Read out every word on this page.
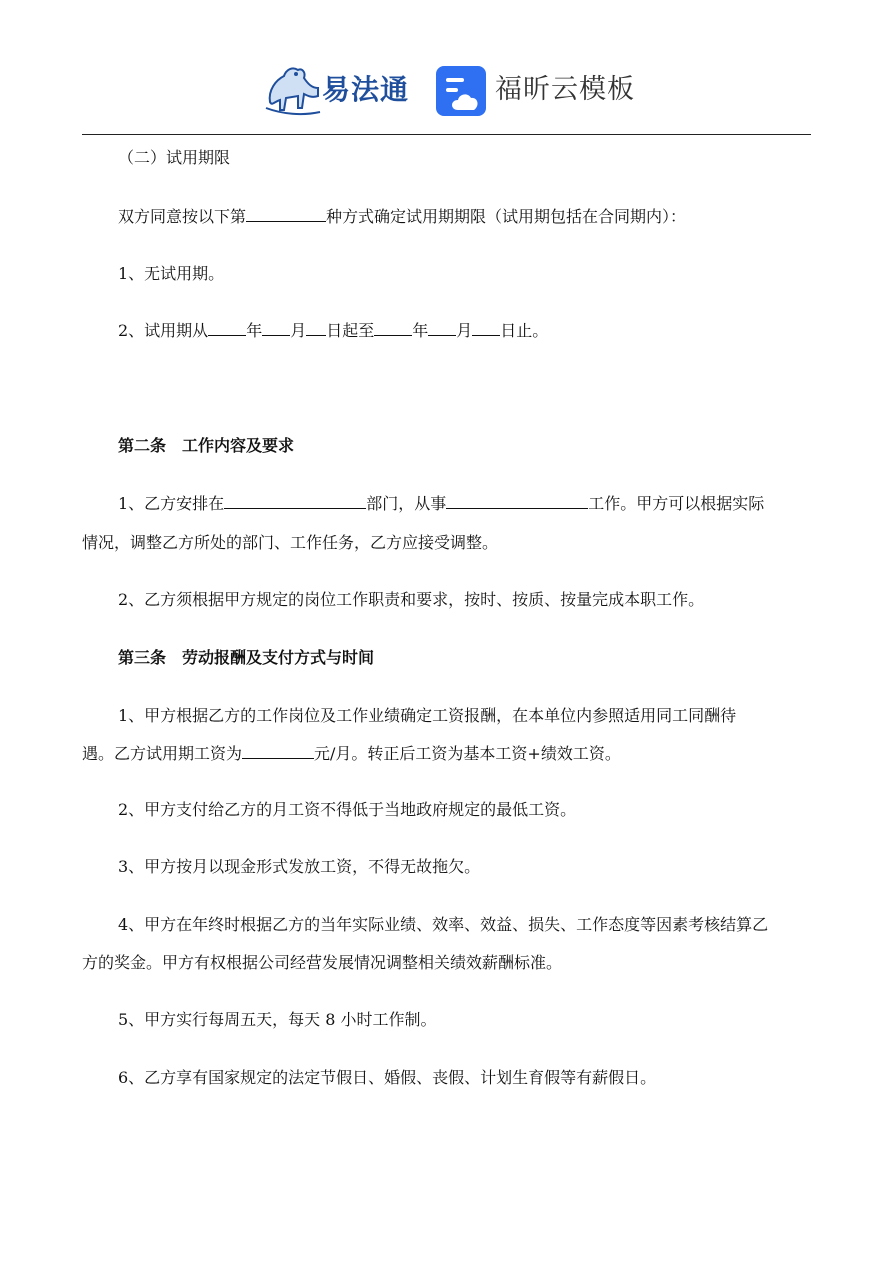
易法通	福昕云模板
（二）试用期限
双方同意按以下第	种方式确定试用期期限（试用期包括在合同期内）：
1、无试用期。
2、试用期从 年 月 日起至 年 月 日止。
第二条　工作内容及要求
1、乙方安排在	部门，从事	工作。甲方可以根据实际
情况，调整乙方所处的部门、工作任务，乙方应接受调整。
2、乙方须根据甲方规定的岗位工作职责和要求，按时、按质、按量完成本职工作。
第三条　劳动报酬及支付方式与时间
1、甲方根据乙方的工作岗位及工作业绩确定工资报酬，在本单位内参照适用同工同酬待
遇。乙方试用期工资为	元/月。转正后工资为基本工资+绩效工资。
2、甲方支付给乙方的月工资不得低于当地政府规定的最低工资。
3、甲方按月以现金形式发放工资，不得无故拖欠。
4、甲方在年终时根据乙方的当年实际业绩、效率、效益、损失、工作态度等因素考核结算乙
方的奖金。甲方有权根据公司经营发展情况调整相关绩效薪酬标准。
5、甲方实行每周五天，每天 8 小时工作制。
6、乙方享有国家规定的法定节假日、婚假、丧假、计划生育假等有薪假日。
